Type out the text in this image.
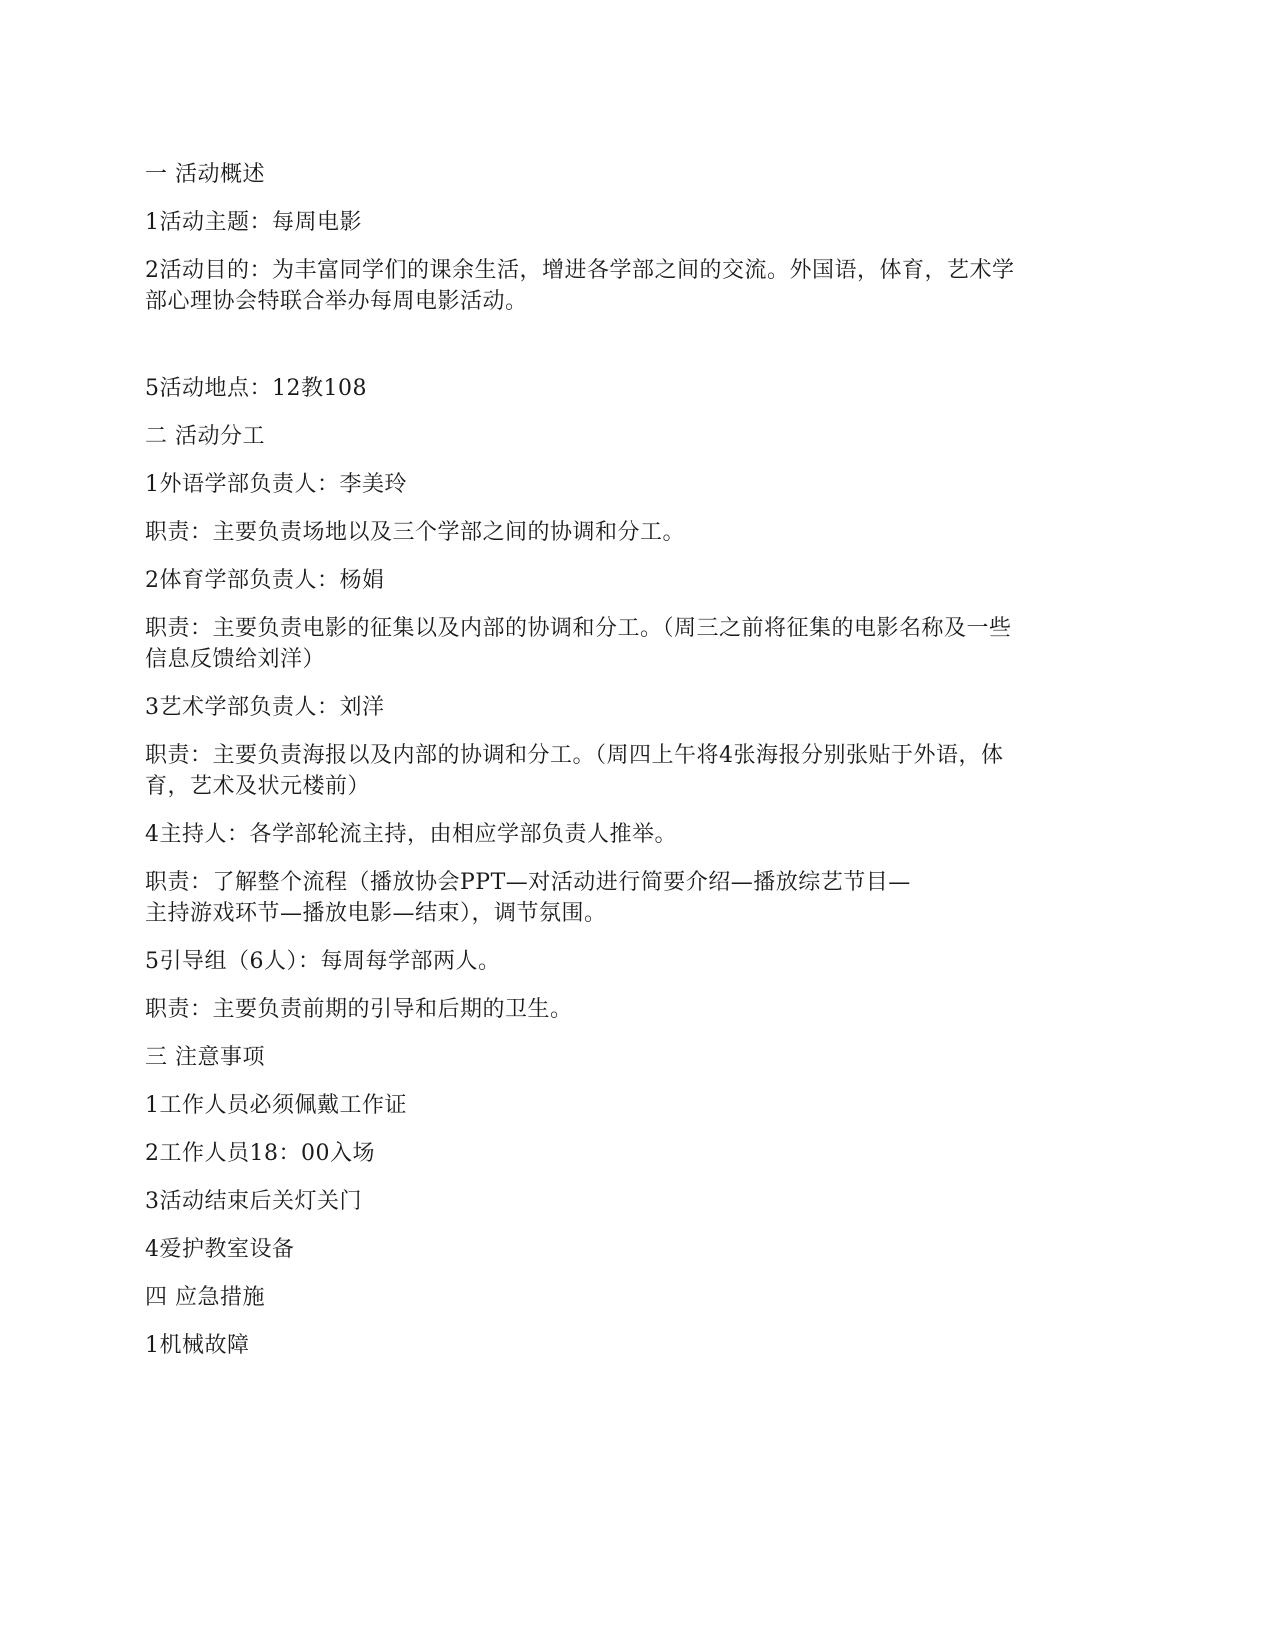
一 活动概述

1活动主题：每周电影

2活动目的：为丰富同学们的课余生活，增进各学部之间的交流。外国语，体育，艺术学
部心理协会特联合举办每周电影活动。

5活动地点：12教108

二 活动分工

1外语学部负责人：李美玲

职责：主要负责场地以及三个学部之间的协调和分工。

2体育学部负责人：杨娟

职责：主要负责电影的征集以及内部的协调和分工。（周三之前将征集的电影名称及一些
信息反馈给刘洋）

3艺术学部负责人：刘洋

职责：主要负责海报以及内部的协调和分工。（周四上午将4张海报分别张贴于外语，体
育，艺术及状元楼前）

4主持人：各学部轮流主持，由相应学部负责人推举。

职责：了解整个流程（播放协会PPT—对活动进行简要介绍—播放综艺节目—
主持游戏环节—播放电影—结束），调节氛围。

5引导组（6人）：每周每学部两人。

职责：主要负责前期的引导和后期的卫生。

三 注意事项

1工作人员必须佩戴工作证

2工作人员18：00入场

3活动结束后关灯关门

4爱护教室设备

四 应急措施

1机械故障
